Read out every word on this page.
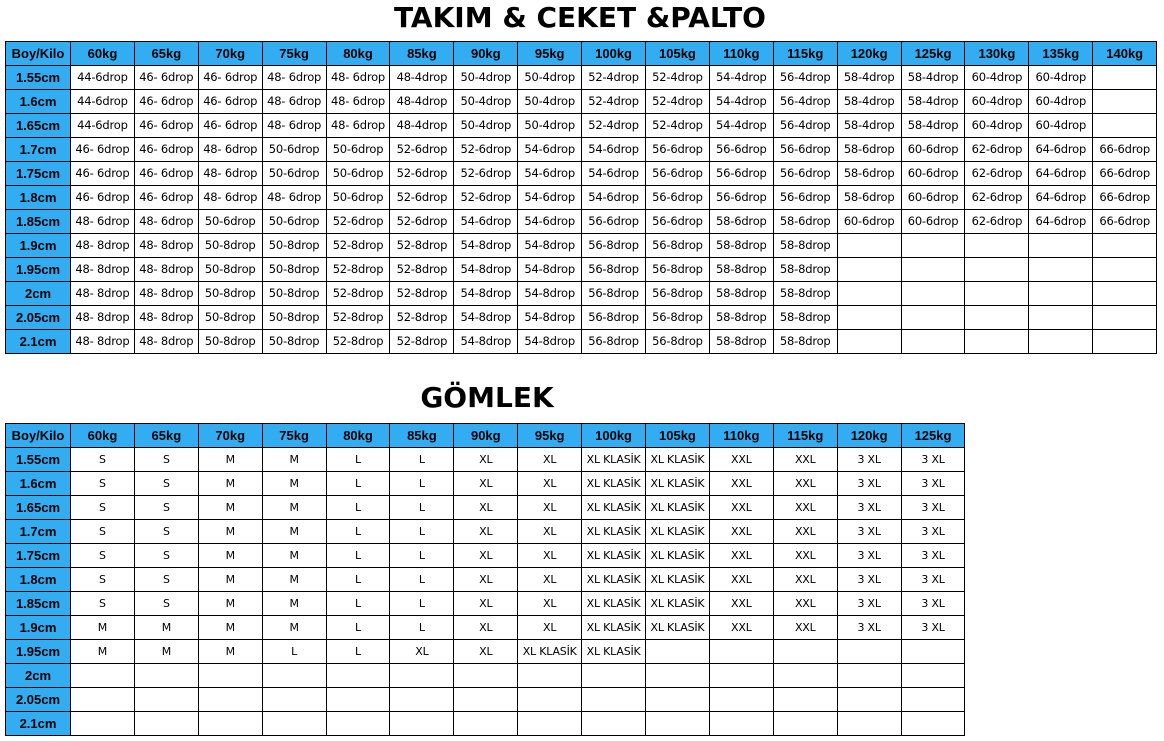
TAKIM & CEKET &PALTO
Boy/Kilo	60kg	65kg	70kg	75kg	80kg	85kg	90kg	95kg	100kg	105kg	110kg	115kg	120kg	125kg	130kg	135kg	140kg
1.55cm	44-6drop	46- 6drop	46- 6drop	48- 6drop	48- 6drop	48-4drop	50-4drop	50-4drop	52-4drop	52-4drop	54-4drop	56-4drop	58-4drop	58-4drop	60-4drop	60-4drop	
1.6cm	44-6drop	46- 6drop	46- 6drop	48- 6drop	48- 6drop	48-4drop	50-4drop	50-4drop	52-4drop	52-4drop	54-4drop	56-4drop	58-4drop	58-4drop	60-4drop	60-4drop	
1.65cm	44-6drop	46- 6drop	46- 6drop	48- 6drop	48- 6drop	48-4drop	50-4drop	50-4drop	52-4drop	52-4drop	54-4drop	56-4drop	58-4drop	58-4drop	60-4drop	60-4drop	
1.7cm	46- 6drop	46- 6drop	48- 6drop	50-6drop	50-6drop	52-6drop	52-6drop	54-6drop	54-6drop	56-6drop	56-6drop	56-6drop	58-6drop	60-6drop	62-6drop	64-6drop	66-6drop
1.75cm	46- 6drop	46- 6drop	48- 6drop	50-6drop	50-6drop	52-6drop	52-6drop	54-6drop	54-6drop	56-6drop	56-6drop	56-6drop	58-6drop	60-6drop	62-6drop	64-6drop	66-6drop
1.8cm	46- 6drop	46- 6drop	48- 6drop	48- 6drop	50-6drop	52-6drop	52-6drop	54-6drop	54-6drop	56-6drop	56-6drop	56-6drop	58-6drop	60-6drop	62-6drop	64-6drop	66-6drop
1.85cm	48- 6drop	48- 6drop	50-6drop	50-6drop	52-6drop	52-6drop	54-6drop	54-6drop	56-6drop	56-6drop	58-6drop	58-6drop	60-6drop	60-6drop	62-6drop	64-6drop	66-6drop
1.9cm	48- 8drop	48- 8drop	50-8drop	50-8drop	52-8drop	52-8drop	54-8drop	54-8drop	56-8drop	56-8drop	58-8drop	58-8drop					
1.95cm	48- 8drop	48- 8drop	50-8drop	50-8drop	52-8drop	52-8drop	54-8drop	54-8drop	56-8drop	56-8drop	58-8drop	58-8drop					
2cm	48- 8drop	48- 8drop	50-8drop	50-8drop	52-8drop	52-8drop	54-8drop	54-8drop	56-8drop	56-8drop	58-8drop	58-8drop					
2.05cm	48- 8drop	48- 8drop	50-8drop	50-8drop	52-8drop	52-8drop	54-8drop	54-8drop	56-8drop	56-8drop	58-8drop	58-8drop					
2.1cm	48- 8drop	48- 8drop	50-8drop	50-8drop	52-8drop	52-8drop	54-8drop	54-8drop	56-8drop	56-8drop	58-8drop	58-8drop					
GÖMLEK
Boy/Kilo	60kg	65kg	70kg	75kg	80kg	85kg	90kg	95kg	100kg	105kg	110kg	115kg	120kg	125kg
1.55cm	S	S	M	M	L	L	XL	XL	XL KLASİK	XL KLASİK	XXL	XXL	3 XL	3 XL
1.6cm	S	S	M	M	L	L	XL	XL	XL KLASİK	XL KLASİK	XXL	XXL	3 XL	3 XL
1.65cm	S	S	M	M	L	L	XL	XL	XL KLASİK	XL KLASİK	XXL	XXL	3 XL	3 XL
1.7cm	S	S	M	M	L	L	XL	XL	XL KLASİK	XL KLASİK	XXL	XXL	3 XL	3 XL
1.75cm	S	S	M	M	L	L	XL	XL	XL KLASİK	XL KLASİK	XXL	XXL	3 XL	3 XL
1.8cm	S	S	M	M	L	L	XL	XL	XL KLASİK	XL KLASİK	XXL	XXL	3 XL	3 XL
1.85cm	S	S	M	M	L	L	XL	XL	XL KLASİK	XL KLASİK	XXL	XXL	3 XL	3 XL
1.9cm	M	M	M	M	L	L	XL	XL	XL KLASİK	XL KLASİK	XXL	XXL	3 XL	3 XL
1.95cm	M	M	M	L	L	XL	XL	XL KLASİK	XL KLASİK					
2cm														
2.05cm														
2.1cm														
